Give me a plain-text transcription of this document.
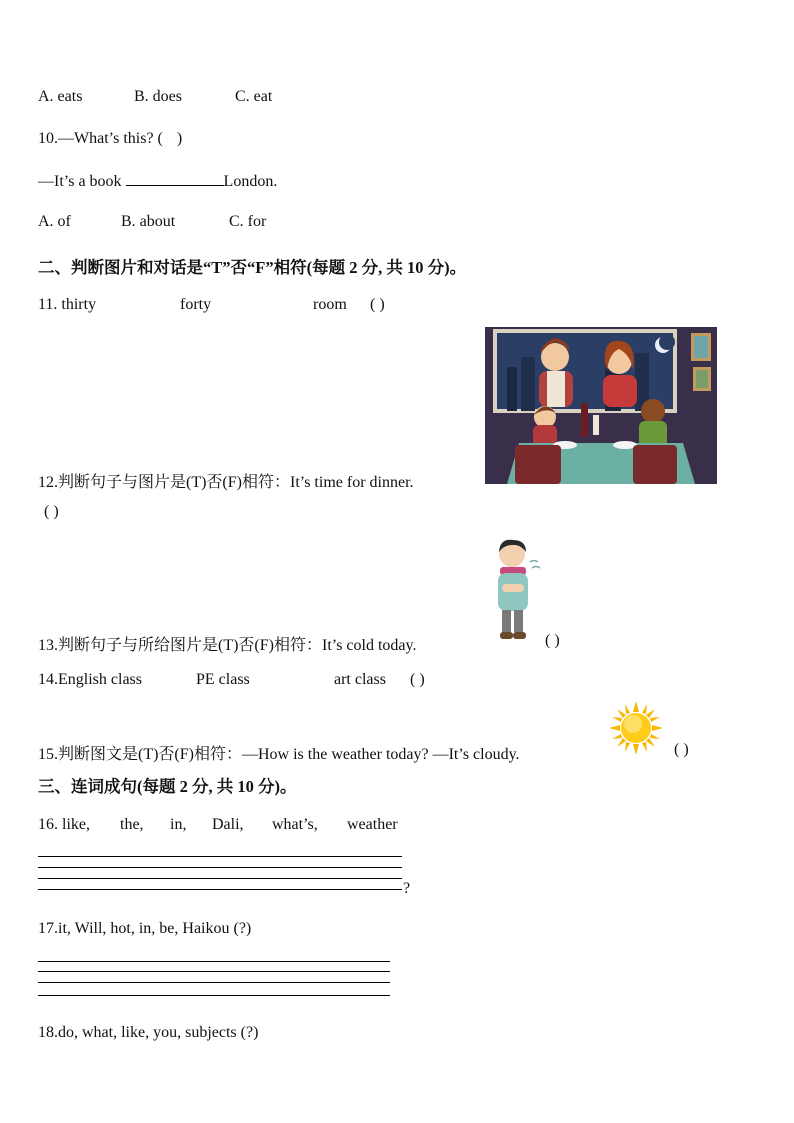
A. eats	B. does	C. eat
10.—What’s this? ( )
—It’s a book	London.
A. of	B. about	C. for
二、判断图片和对话是“T”否“F”相符(每题 2 分, 共 10 分)。
11. thirty	forty	room ( )
12.判断句子与图片是(T)否(F)相符：It’s time for dinner.
( )
13.判断句子与所给图片是(T)否(F)相符：It’s cold today.	( )
14.English class	PE class	art class ( )
15.判断图文是(T)否(F)相符：—How is the weather today? —It’s cloudy.	( )
三、连词成句(每题 2 分, 共 10 分)。
16. like, the, in, Dali, what’s, weather
?
17.it, Will, hot, in, be, Haikou (?)
18.do, what, like, you, subjects (?)
